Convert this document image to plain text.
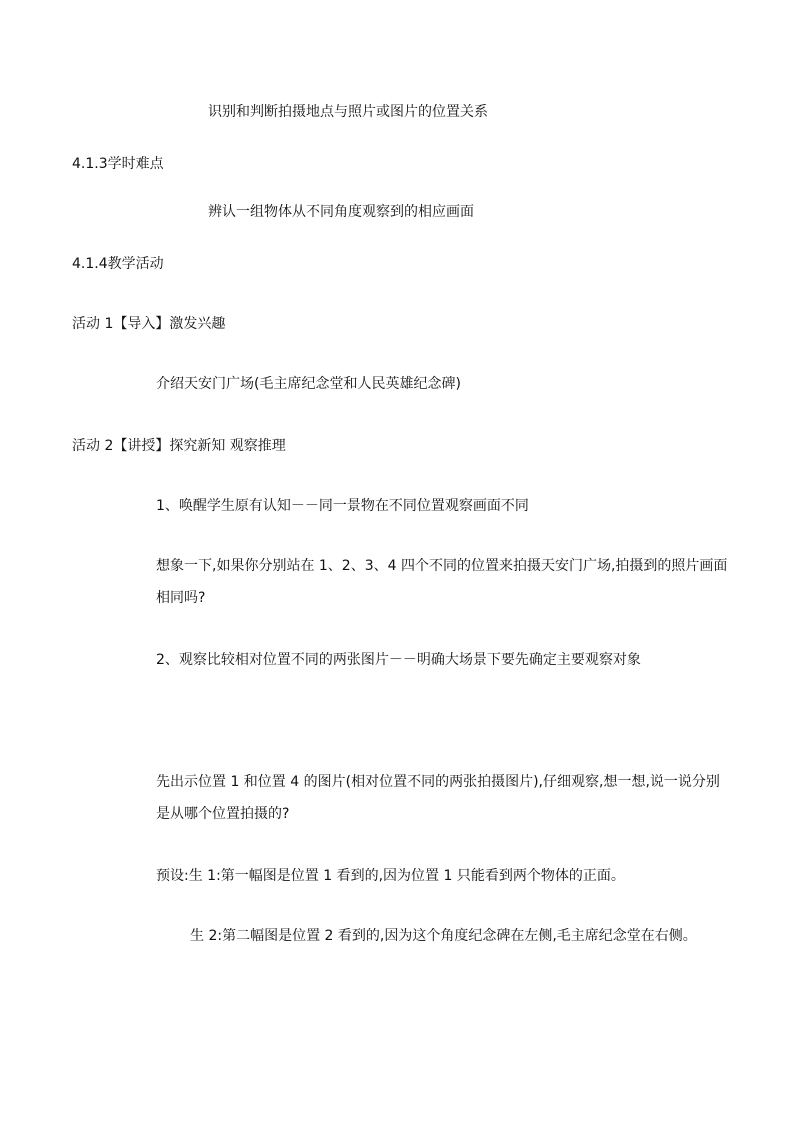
识别和判断拍摄地点与照片或图片的位置关系
4.1.3学时难点
辨认一组物体从不同角度观察到的相应画面
4.1.4教学活动
活动 1【导入】激发兴趣
介绍天安门广场(毛主席纪念堂和人民英雄纪念碑)
活动 2【讲授】探究新知 观察推理
1、唤醒学生原有认知－－同一景物在不同位置观察画面不同
想象一下,如果你分别站在 1、2、3、4 四个不同的位置来拍摄天安门广场,拍摄到的照片画面
相同吗?
2、观察比较相对位置不同的两张图片－－明确大场景下要先确定主要观察对象
先出示位置 1 和位置 4 的图片(相对位置不同的两张拍摄图片),仔细观察,想一想,说一说分别
是从哪个位置拍摄的?
预设:生 1:第一幅图是位置 1 看到的,因为位置 1 只能看到两个物体的正面。
生 2:第二幅图是位置 2 看到的,因为这个角度纪念碑在左侧,毛主席纪念堂在右侧。
